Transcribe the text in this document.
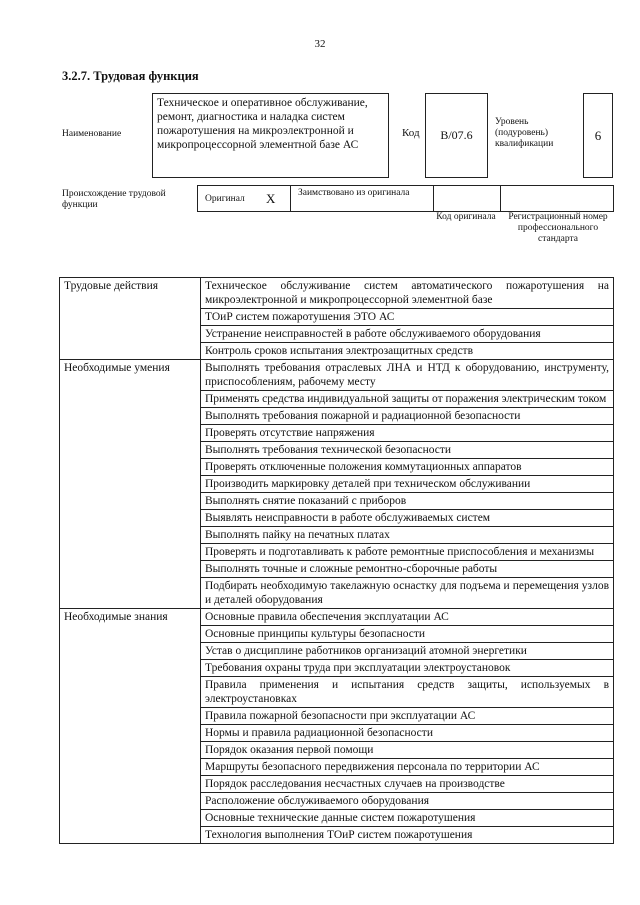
32
3.2.7. Трудовая функция
Наименование
Техническое и оперативное обслуживание, ремонт, диагностика и наладка систем пожаротушения на микроэлектронной и микропроцессорной элементной базе АС
Код В/07.6
Уровень (подуровень) квалификации
6
Происхождение трудовой функции
Оригинал X Заимствовано из оригинала
Код оригинала	Регистрационный номер профессионального стандарта
Трудовые действия	Техническое обслуживание систем автоматического пожаротушения на микроэлектронной и микропроцессорной элементной базе
	ТОиР систем пожаротушения ЭТО АС
	Устранение неисправностей в работе обслуживаемого оборудования
	Контроль сроков испытания электрозащитных средств
Необходимые умения	Выполнять требования отраслевых ЛНА и НТД к оборудованию, инструменту, приспособлениям, рабочему месту
	Применять средства индивидуальной защиты от поражения электрическим током
	Выполнять требования пожарной и радиационной безопасности
	Проверять отсутствие напряжения
	Выполнять требования технической безопасности
	Проверять отключенные положения коммутационных аппаратов
	Производить маркировку деталей при техническом обслуживании
	Выполнять снятие показаний с приборов
	Выявлять неисправности в работе обслуживаемых систем
	Выполнять пайку на печатных платах
	Проверять и подготавливать к работе ремонтные приспособления и механизмы
	Выполнять точные и сложные ремонтно-сборочные работы
	Подбирать необходимую такелажную оснастку для подъема и перемещения узлов и деталей оборудования
Необходимые знания	Основные правила обеспечения эксплуатации АС
	Основные принципы культуры безопасности
	Устав о дисциплине работников организаций атомной энергетики
	Требования охраны труда при эксплуатации электроустановок
	Правила применения и испытания средств защиты, используемых в электроустановках
	Правила пожарной безопасности при эксплуатации АС
	Нормы и правила радиационной безопасности
	Порядок оказания первой помощи
	Маршруты безопасного передвижения персонала по территории АС
	Порядок расследования несчастных случаев на производстве
	Расположение обслуживаемого оборудования
	Основные технические данные систем пожаротушения
	Технология выполнения ТОиР систем пожаротушения
